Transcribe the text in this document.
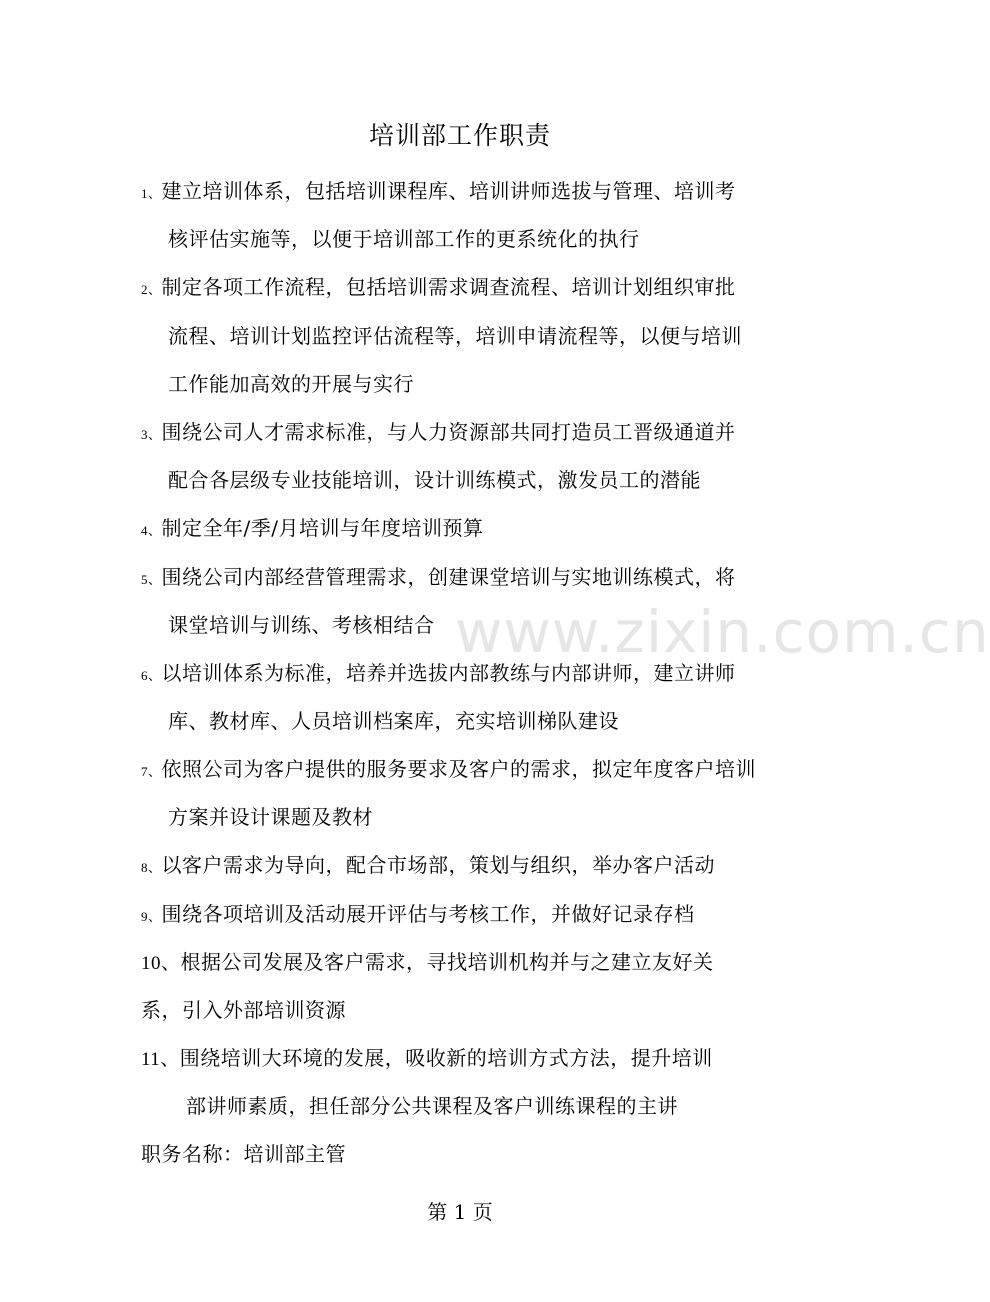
www.zixin.com.cn
培训部工作职责
1、建立培训体系，包括培训课程库、培训讲师选拔与管理、培训考
核评估实施等，以便于培训部工作的更系统化的执行
2、制定各项工作流程，包括培训需求调查流程、培训计划组织审批
流程、培训计划监控评估流程等，培训申请流程等，以便与培训
工作能加高效的开展与实行
3、围绕公司人才需求标准，与人力资源部共同打造员工晋级通道并
配合各层级专业技能培训，设计训练模式，激发员工的潜能
4、制定全年/季/月培训与年度培训预算
5、围绕公司内部经营管理需求，创建课堂培训与实地训练模式，将
课堂培训与训练、考核相结合
6、以培训体系为标准，培养并选拔内部教练与内部讲师，建立讲师
库、教材库、人员培训档案库，充实培训梯队建设
7、依照公司为客户提供的服务要求及客户的需求，拟定年度客户培训
方案并设计课题及教材
8、以客户需求为导向，配合市场部，策划与组织，举办客户活动
9、围绕各项培训及活动展开评估与考核工作，并做好记录存档
10、根据公司发展及客户需求，寻找培训机构并与之建立友好关
系，引入外部培训资源
11、围绕培训大环境的发展，吸收新的培训方式方法，提升培训
部讲师素质，担任部分公共课程及客户训练课程的主讲
职务名称：培训部主管
第 1 页
